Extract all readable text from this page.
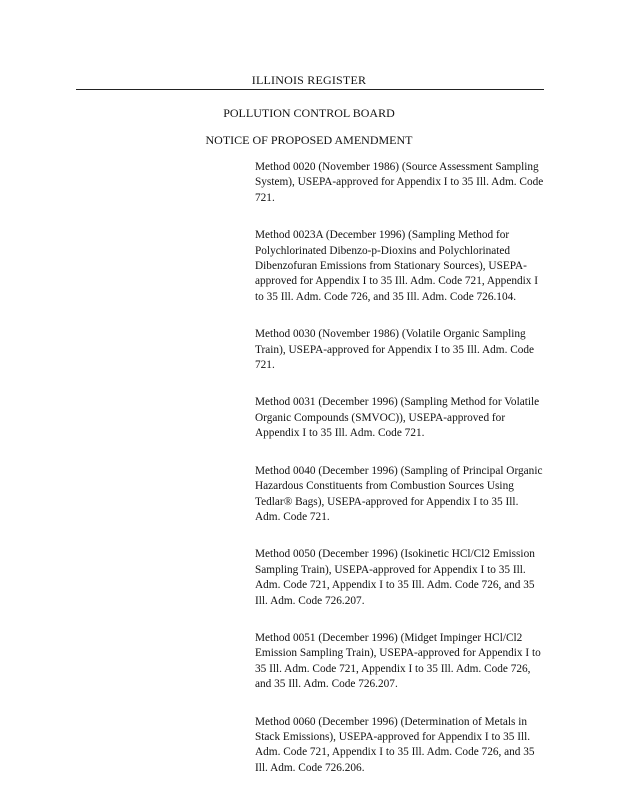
ILLINOIS REGISTER
POLLUTION CONTROL BOARD
NOTICE OF PROPOSED AMENDMENT

Method 0020 (November 1986) (Source Assessment Sampling System), USEPA-approved for Appendix I to 35 Ill. Adm. Code 721.

Method 0023A (December 1996) (Sampling Method for Polychlorinated Dibenzo-p-Dioxins and Polychlorinated Dibenzofuran Emissions from Stationary Sources), USEPA-approved for Appendix I to 35 Ill. Adm. Code 721, Appendix I to 35 Ill. Adm. Code 726, and 35 Ill. Adm. Code 726.104.

Method 0030 (November 1986) (Volatile Organic Sampling Train), USEPA-approved for Appendix I to 35 Ill. Adm. Code 721.

Method 0031 (December 1996) (Sampling Method for Volatile Organic Compounds (SMVOC)), USEPA-approved for Appendix I to 35 Ill. Adm. Code 721.

Method 0040 (December 1996) (Sampling of Principal Organic Hazardous Constituents from Combustion Sources Using Tedlar® Bags), USEPA-approved for Appendix I to 35 Ill. Adm. Code 721.

Method 0050 (December 1996) (Isokinetic HCl/Cl2 Emission Sampling Train), USEPA-approved for Appendix I to 35 Ill. Adm. Code 721, Appendix I to 35 Ill. Adm. Code 726, and 35 Ill. Adm. Code 726.207.

Method 0051 (December 1996) (Midget Impinger HCl/Cl2 Emission Sampling Train), USEPA-approved for Appendix I to 35 Ill. Adm. Code 721, Appendix I to 35 Ill. Adm. Code 726, and 35 Ill. Adm. Code 726.207.

Method 0060 (December 1996) (Determination of Metals in Stack Emissions), USEPA-approved for Appendix I to 35 Ill. Adm. Code 721, Appendix I to 35 Ill. Adm. Code 726, and 35 Ill. Adm. Code 726.206.
